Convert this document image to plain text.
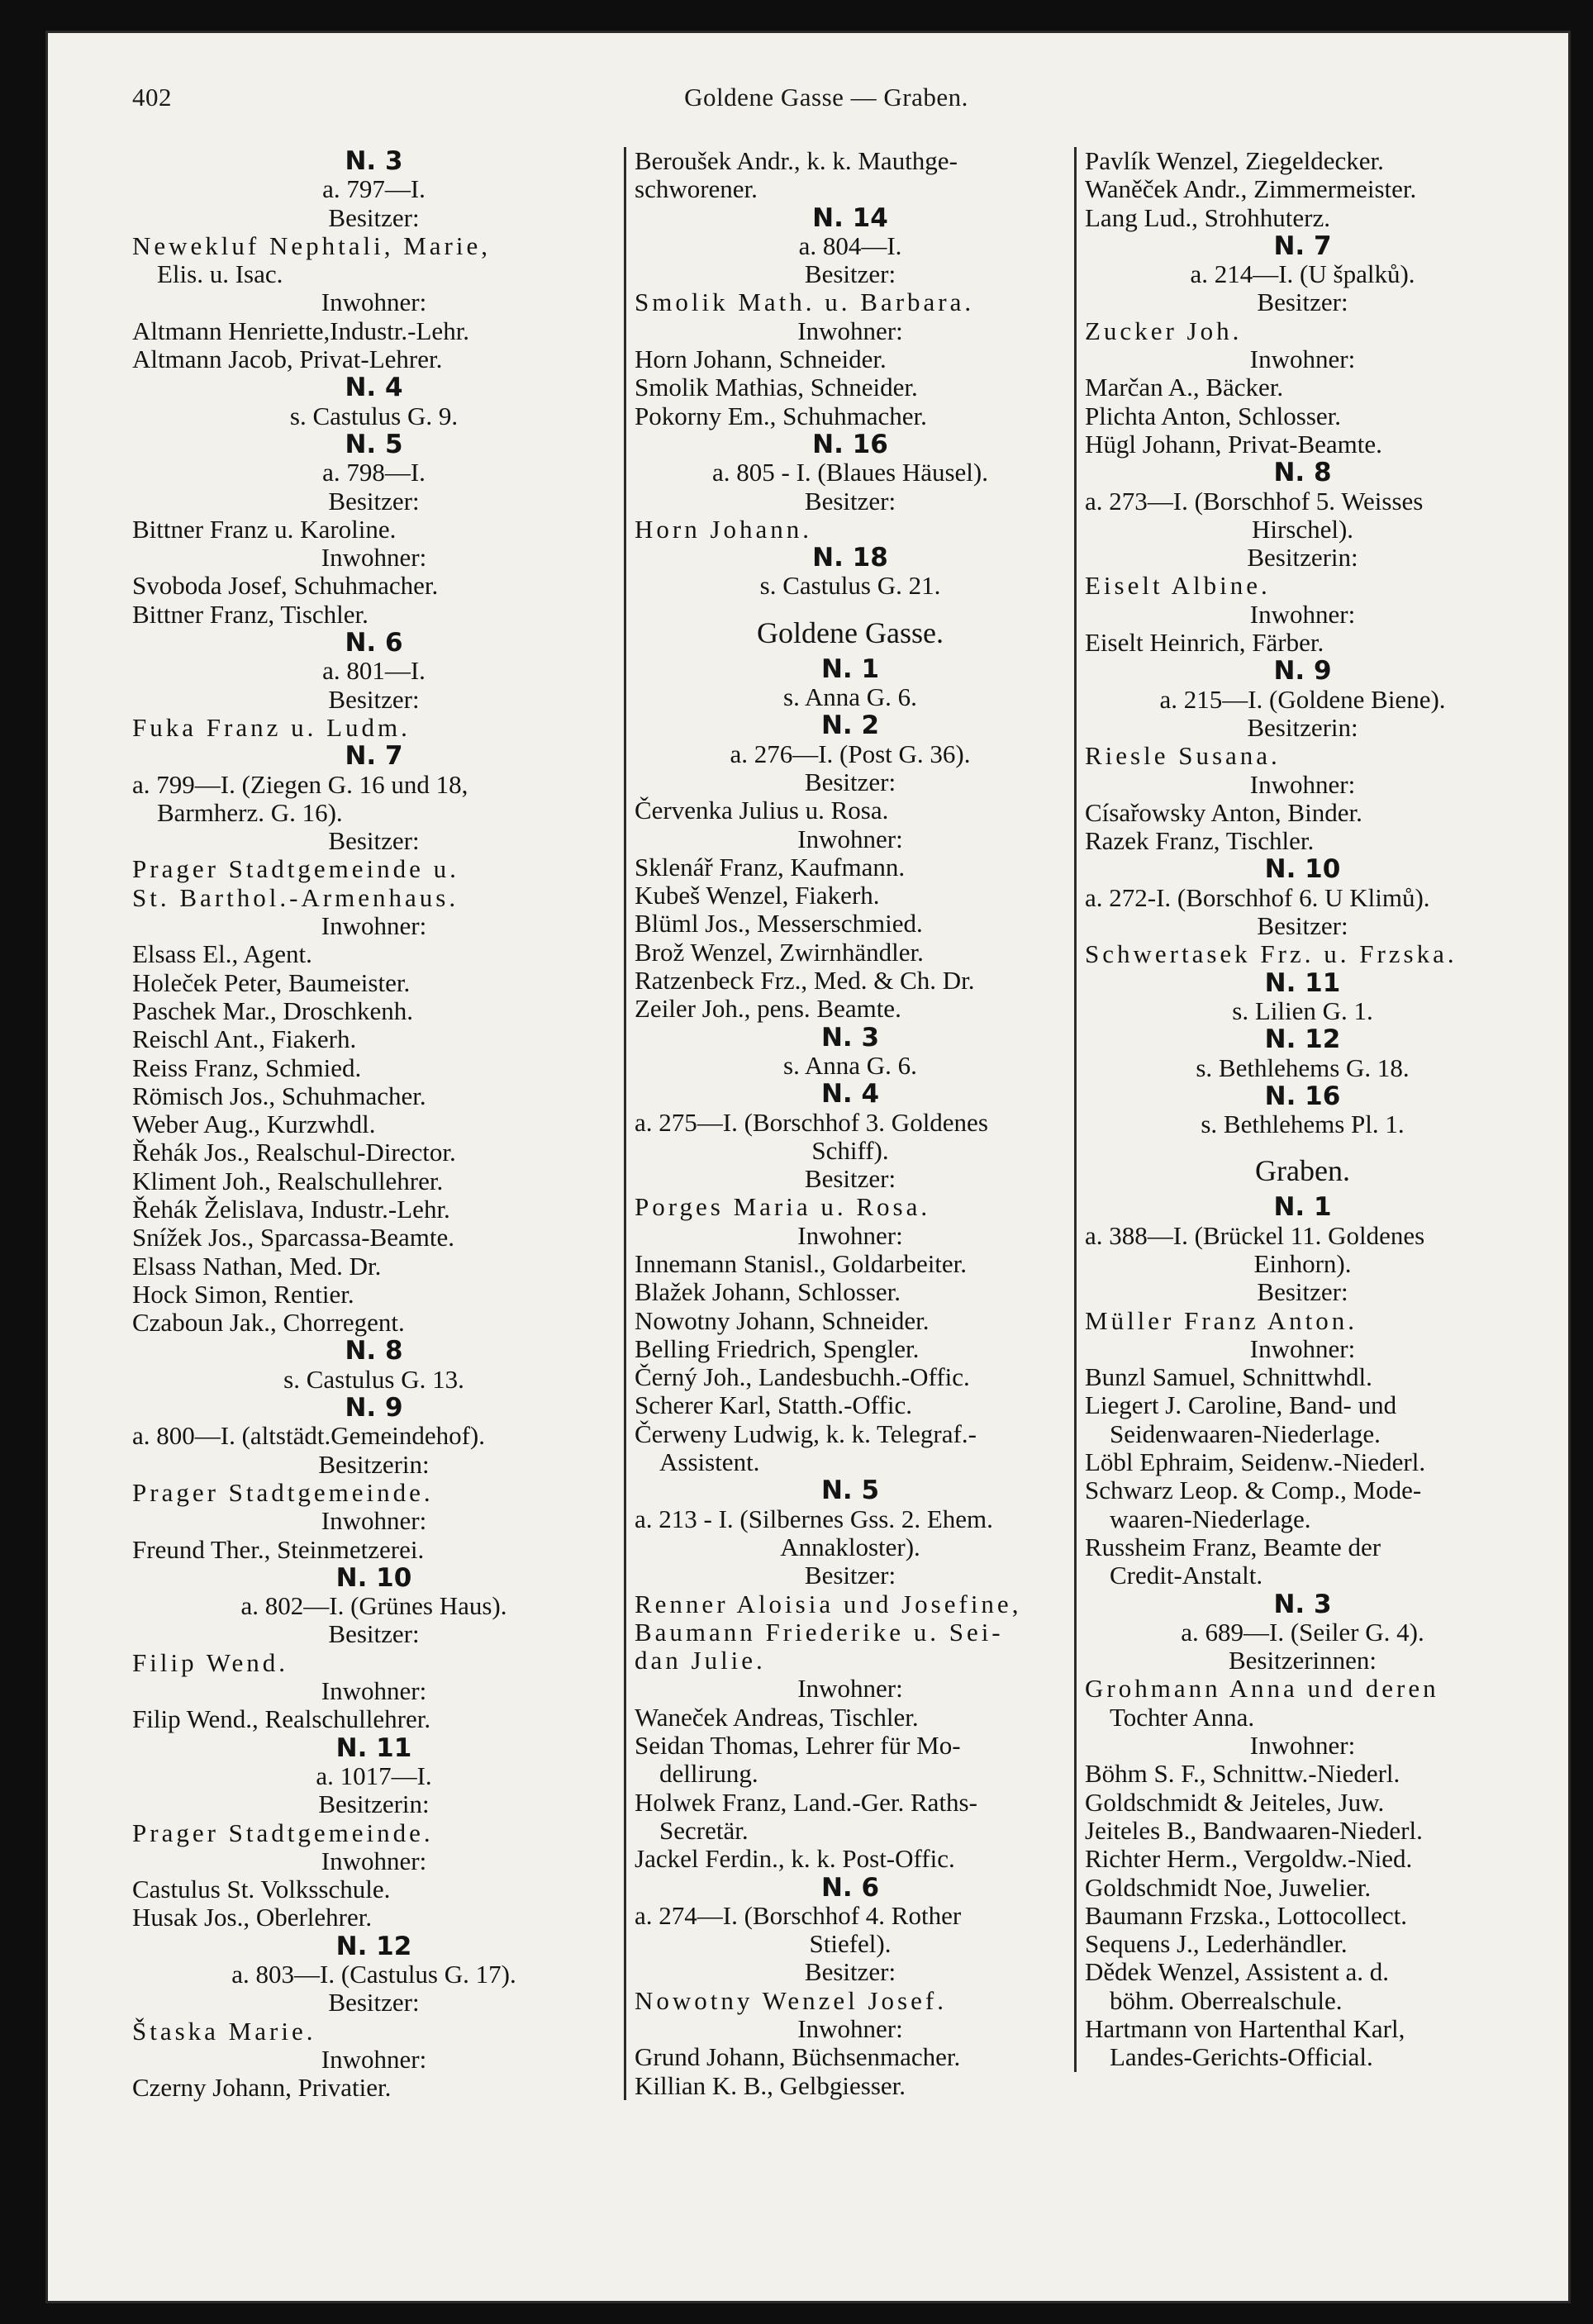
402	Goldene Gasse — Graben.
N. 3
a. 797—I.
Besitzer:
Newekluf Nephtali, Marie,
Elis. u. Isac.
Inwohner:
Altmann Henriette,Industr.-Lehr.
Altmann Jacob, Privat-Lehrer.
N. 4
s. Castulus G. 9.
N. 5
a. 798—I.
Besitzer:
Bittner Franz u. Karoline.
Inwohner:
Svoboda Josef, Schuhmacher.
Bittner Franz, Tischler.
N. 6
a. 801—I.
Besitzer:
Fuka Franz u. Ludm.
N. 7
a. 799—I. (Ziegen G. 16 und 18,
Barmherz. G. 16).
Besitzer:
Prager Stadtgemeinde u.
St. Barthol.-Armenhaus.
Inwohner:
Elsass El., Agent.
Holeček Peter, Baumeister.
Paschek Mar., Droschkenh.
Reischl Ant., Fiakerh.
Reiss Franz, Schmied.
Römisch Jos., Schuhmacher.
Weber Aug., Kurzwhdl.
Řehák Jos., Realschul-Director.
Kliment Joh., Realschullehrer.
Řehák Želislava, Industr.-Lehr.
Snížek Jos., Sparcassa-Beamte.
Elsass Nathan, Med. Dr.
Hock Simon, Rentier.
Czaboun Jak., Chorregent.
N. 8
s. Castulus G. 13.
N. 9
a. 800—I. (altstädt.Gemeindehof).
Besitzerin:
Prager Stadtgemeinde.
Inwohner:
Freund Ther., Steinmetzerei.
N. 10
a. 802—I. (Grünes Haus).
Besitzer:
Filip Wend.
Inwohner:
Filip Wend., Realschullehrer.
N. 11
a. 1017—I.
Besitzerin:
Prager Stadtgemeinde.
Inwohner:
Castulus St. Volksschule.
Husak Jos., Oberlehrer.
N. 12
a. 803—I. (Castulus G. 17).
Besitzer:
Štaska Marie.
Inwohner:
Czerny Johann, Privatier.
Beroušek Andr., k. k. Mauthge-
schworener.
N. 14
a. 804—I.
Besitzer:
Smolik Math. u. Barbara.
Inwohner:
Horn Johann, Schneider.
Smolik Mathias, Schneider.
Pokorny Em., Schuhmacher.
N. 16
a. 805 - I. (Blaues Häusel).
Besitzer:
Horn Johann.
N. 18
s. Castulus G. 21.
Goldene Gasse.
N. 1
s. Anna G. 6.
N. 2
a. 276—I. (Post G. 36).
Besitzer:
Červenka Julius u. Rosa.
Inwohner:
Sklenář Franz, Kaufmann.
Kubeš Wenzel, Fiakerh.
Blüml Jos., Messerschmied.
Brož Wenzel, Zwirnhändler.
Ratzenbeck Frz., Med. & Ch. Dr.
Zeiler Joh., pens. Beamte.
N. 3
s. Anna G. 6.
N. 4
a. 275—I. (Borschhof 3. Goldenes
Schiff).
Besitzer:
Porges Maria u. Rosa.
Inwohner:
Innemann Stanisl., Goldarbeiter.
Blažek Johann, Schlosser.
Nowotny Johann, Schneider.
Belling Friedrich, Spengler.
Černý Joh., Landesbuchh.-Offic.
Scherer Karl, Statth.-Offic.
Čerweny Ludwig, k. k. Telegraf.-
Assistent.
N. 5
a. 213 - I. (Silbernes Gss. 2. Ehem.
Annakloster).
Besitzer:
Renner Aloisia und Josefine,
Baumann Friederike u. Sei-
dan Julie.
Inwohner:
Waneček Andreas, Tischler.
Seidan Thomas, Lehrer für Mo-
dellirung.
Holwek Franz, Land.-Ger. Raths-
Secretär.
Jackel Ferdin., k. k. Post-Offic.
N. 6
a. 274—I. (Borschhof 4. Rother
Stiefel).
Besitzer:
Nowotny Wenzel Josef.
Inwohner:
Grund Johann, Büchsenmacher.
Killian K. B., Gelbgiesser.
Pavlík Wenzel, Ziegeldecker.
Waněček Andr., Zimmermeister.
Lang Lud., Strohhuterz.
N. 7
a. 214—I. (U špalků).
Besitzer:
Zucker Joh.
Inwohner:
Marčan A., Bäcker.
Plichta Anton, Schlosser.
Hügl Johann, Privat-Beamte.
N. 8
a. 273—I. (Borschhof 5. Weisses
Hirschel).
Besitzerin:
Eiselt Albine.
Inwohner:
Eiselt Heinrich, Färber.
N. 9
a. 215—I. (Goldene Biene).
Besitzerin:
Riesle Susana.
Inwohner:
Císařowsky Anton, Binder.
Razek Franz, Tischler.
N. 10
a. 272-I. (Borschhof 6. U Klimů).
Besitzer:
Schwertasek Frz. u. Frzska.
N. 11
s. Lilien G. 1.
N. 12
s. Bethlehems G. 18.
N. 16
s. Bethlehems Pl. 1.
Graben.
N. 1
a. 388—I. (Brückel 11. Goldenes
Einhorn).
Besitzer:
Müller Franz Anton.
Inwohner:
Bunzl Samuel, Schnittwhdl.
Liegert J. Caroline, Band- und
Seidenwaaren-Niederlage.
Löbl Ephraim, Seidenw.-Niederl.
Schwarz Leop. & Comp., Mode-
waaren-Niederlage.
Russheim Franz, Beamte der
Credit-Anstalt.
N. 3
a. 689—I. (Seiler G. 4).
Besitzerinnen:
Grohmann Anna und deren
Tochter Anna.
Inwohner:
Böhm S. F., Schnittw.-Niederl.
Goldschmidt & Jeiteles, Juw.
Jeiteles B., Bandwaaren-Niederl.
Richter Herm., Vergoldw.-Nied.
Goldschmidt Noe, Juwelier.
Baumann Frzska., Lottocollect.
Sequens J., Lederhändler.
Dědek Wenzel, Assistent a. d.
böhm. Oberrealschule.
Hartmann von Hartenthal Karl,
Landes-Gerichts-Official.
